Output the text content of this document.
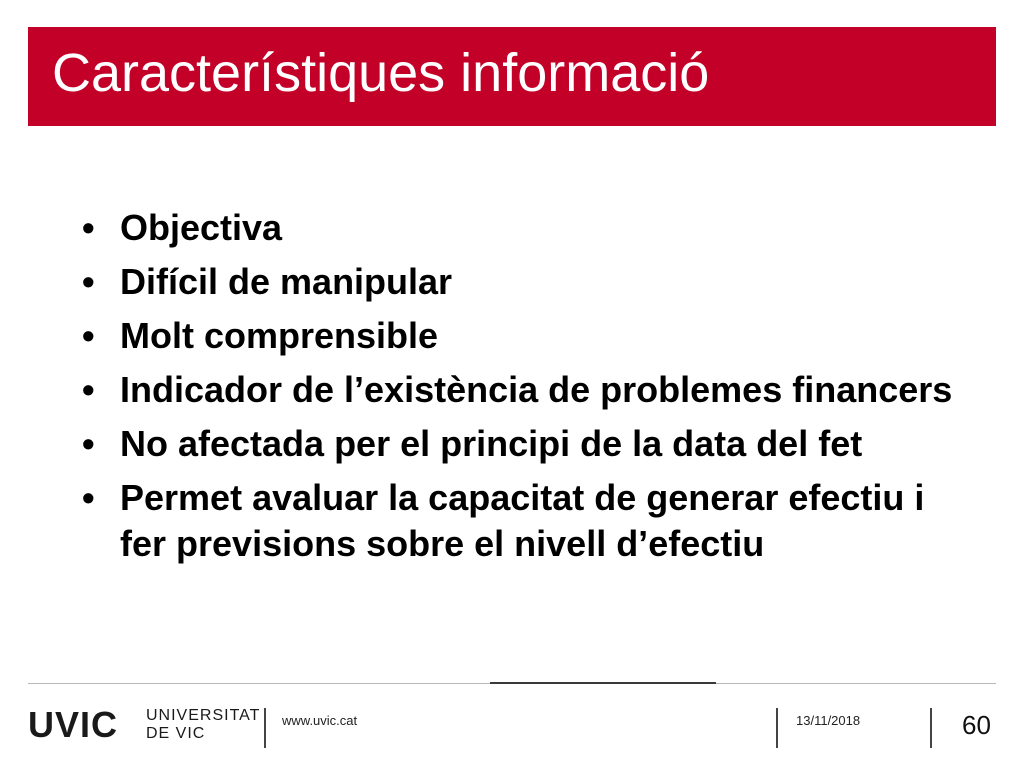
Característiques informació
• Objectiva
• Difícil de manipular
• Molt comprensible
• Indicador de l’existència de problemes financers
• No afectada per el principi de la data del fet
• Permet avaluar la capacitat de generar efectiu i fer previsions sobre el nivell d’efectiu
UVIC UNIVERSITAT
DE VIC
www.uvic.cat	13/11/2018	60
